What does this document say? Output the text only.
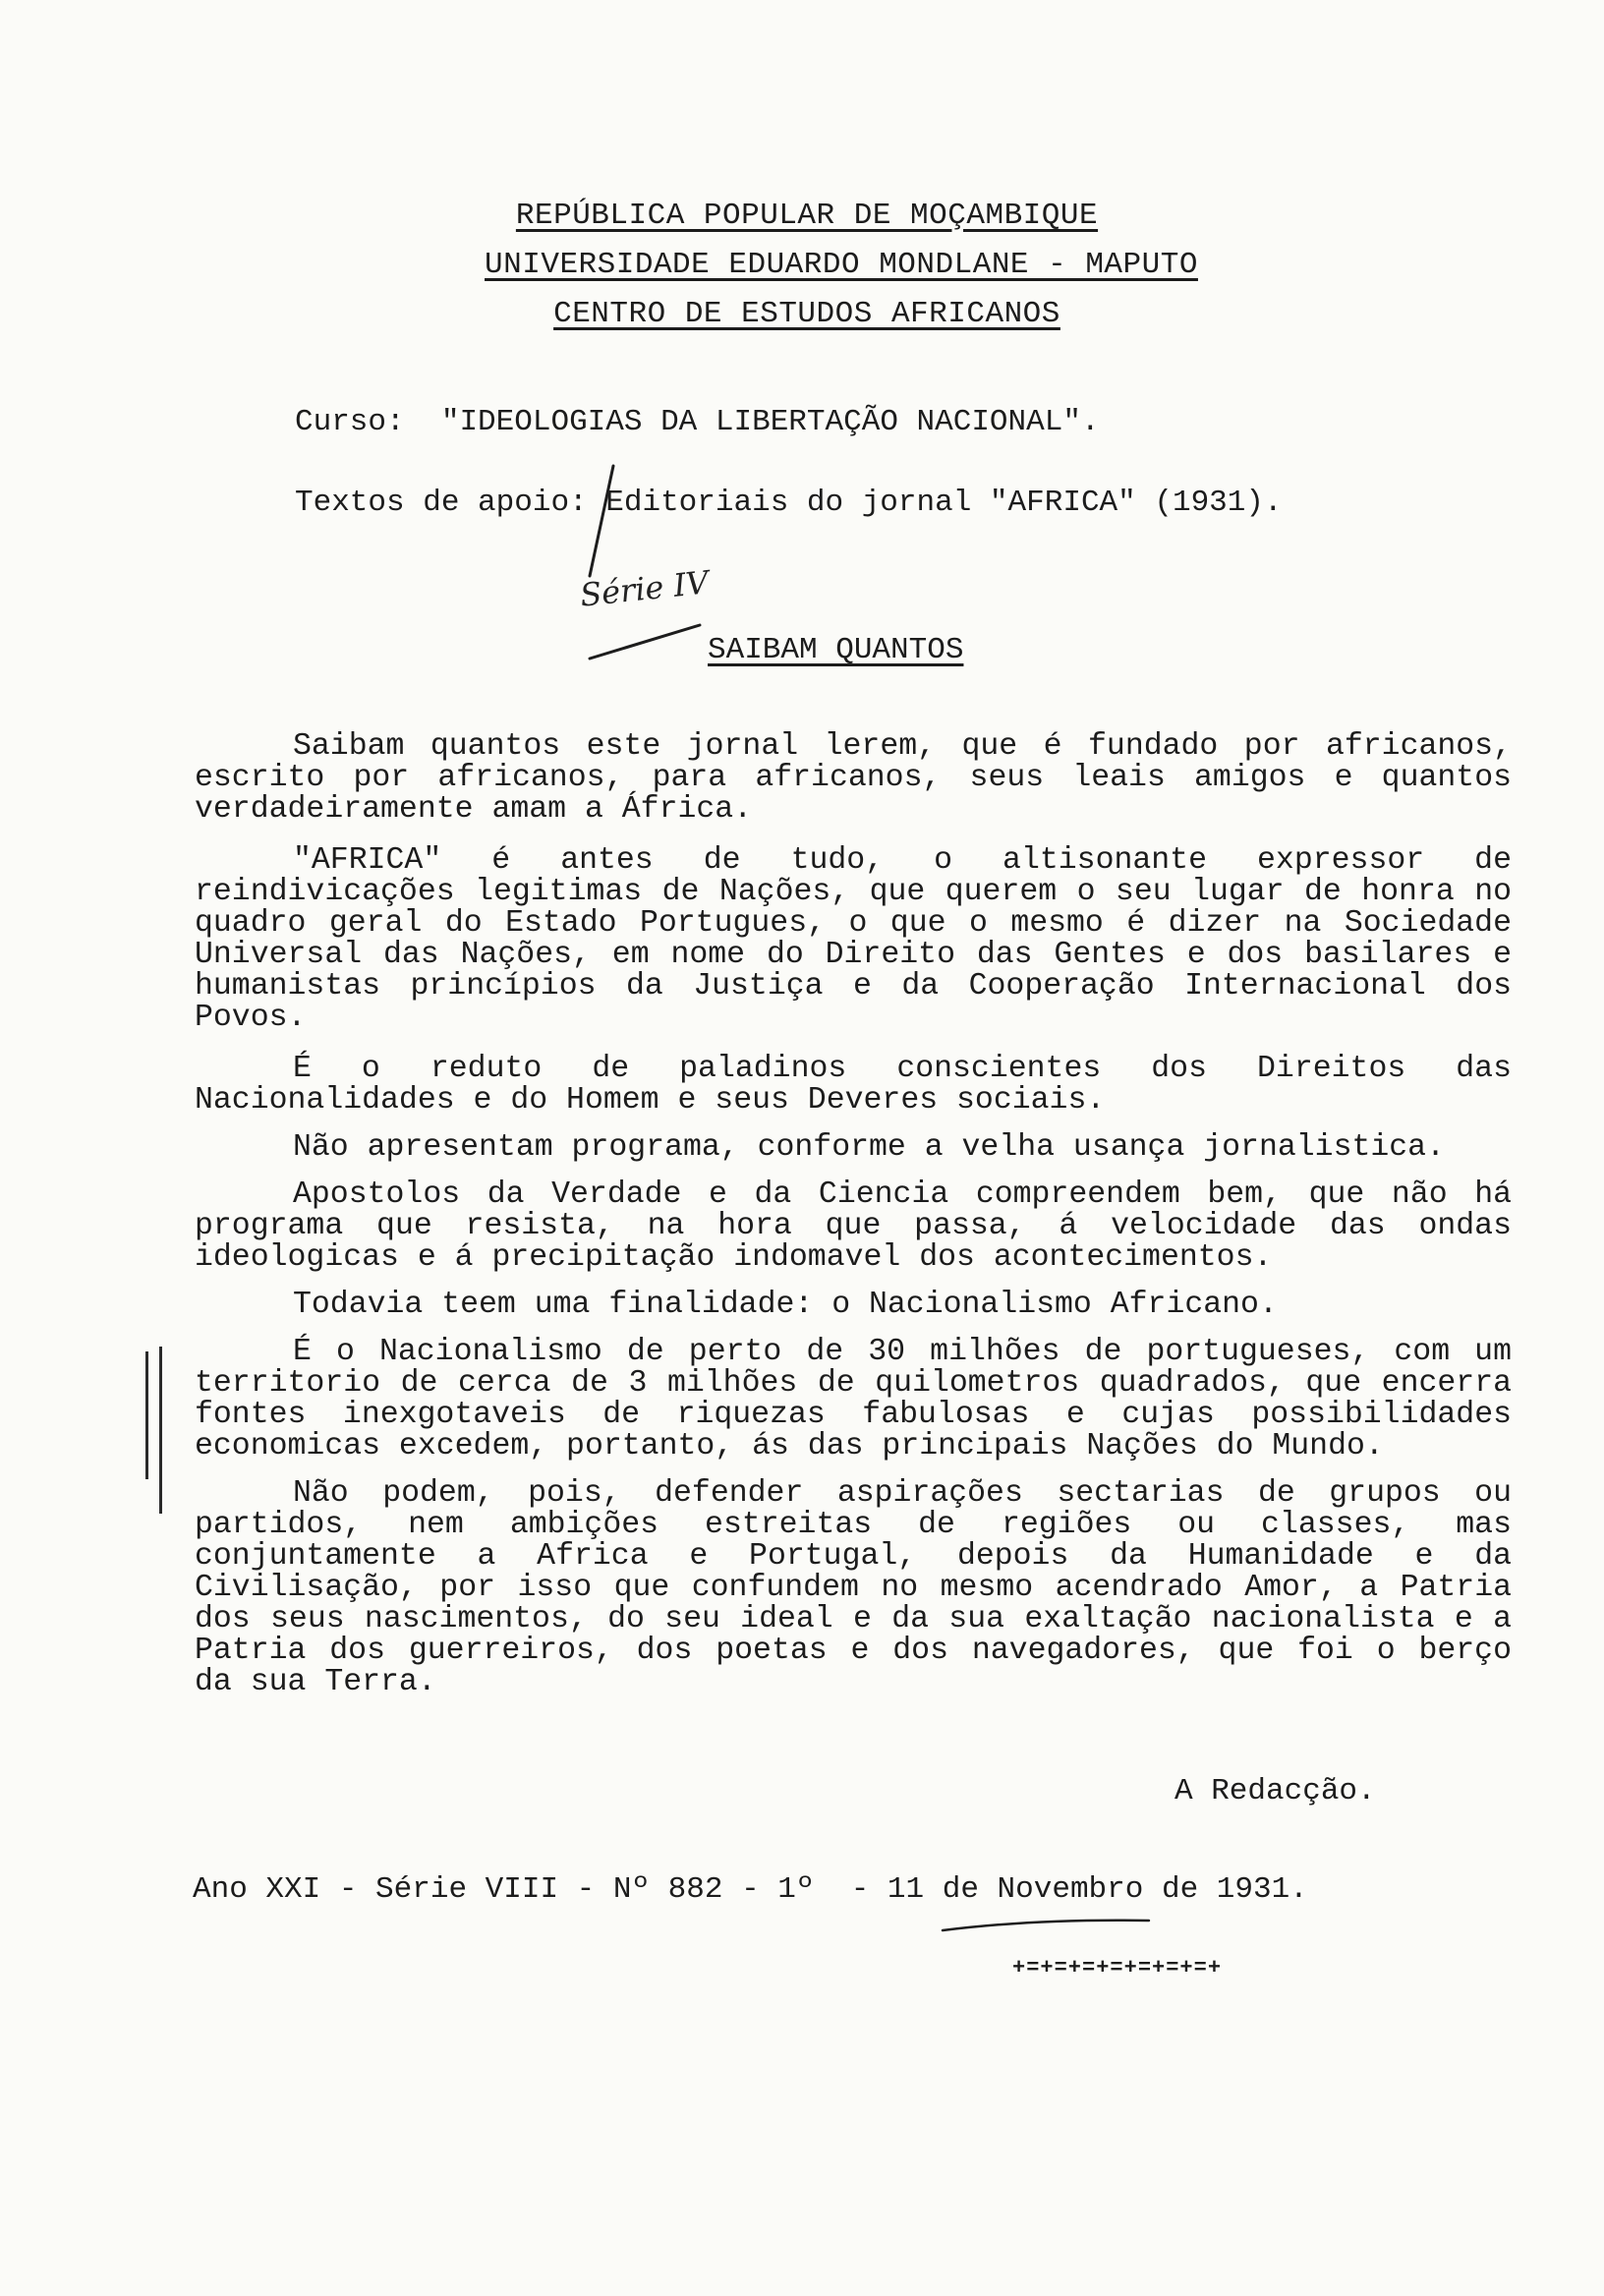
REPÚBLICA POPULAR DE MOÇAMBIQUE
UNIVERSIDADE EDUARDO MONDLANE - MAPUTO
CENTRO DE ESTUDOS AFRICANOS
Curso: "IDEOLOGIAS DA LIBERTAÇÃO NACIONAL".
Textos de apoio: Editoriais do jornal "AFRICA" (1931).
Série IV
SAIBAM QUANTOS

Saibam quantos este jornal lerem, que é fundado por africanos, escrito por africanos, para africanos, seus leais amigos e quantos verdadeiramente amam a África.

"AFRICA" é antes de tudo, o altisonante expressor de reindivicações legitimas de Nações, que querem o seu lugar de honra no quadro geral do Estado Portugues, o que o mesmo é dizer na Sociedade Universal das Nações, em nome do Direito das Gentes e dos basilares e humanistas princípios da Justiça e da Cooperação Internacional dos Povos.

É o reduto de paladinos conscientes dos Direitos das Nacionalidades e do Homem e seus Deveres sociais.

Não apresentam programa, conforme a velha usança jornalistica.

Apostolos da Verdade e da Ciencia compreendem bem, que não há programa que resista, na hora que passa, á velocidade das ondas ideologicas e á precipitação indomavel dos acontecimentos.

Todavia teem uma finalidade: o Nacionalismo Africano.

É o Nacionalismo de perto de 30 milhões de portugueses, com um territorio de cerca de 3 milhões de quilometros quadrados, que encerra fontes inexgotaveis de riquezas fabulosas e cujas possibilidades economicas excedem, portanto, ás das principais Nações do Mundo.

Não podem, pois, defender aspirações sectarias de grupos ou partidos, nem ambições estreitas de regiões ou classes, mas conjuntamente a Africa e Portugal, depois da Humanidade e da Civilisação, por isso que confundem no mesmo acendrado Amor, a Patria dos seus nascimentos, do seu ideal e da sua exaltação nacionalista e a Patria dos guerreiros, dos poetas e dos navegadores, que foi o berço da sua Terra.

A Redacção.
Ano XXI - Série VIII - Nº 882 - 1º  - 11 de Novembro de 1931.
+=+=+=+=+=+=+=+
